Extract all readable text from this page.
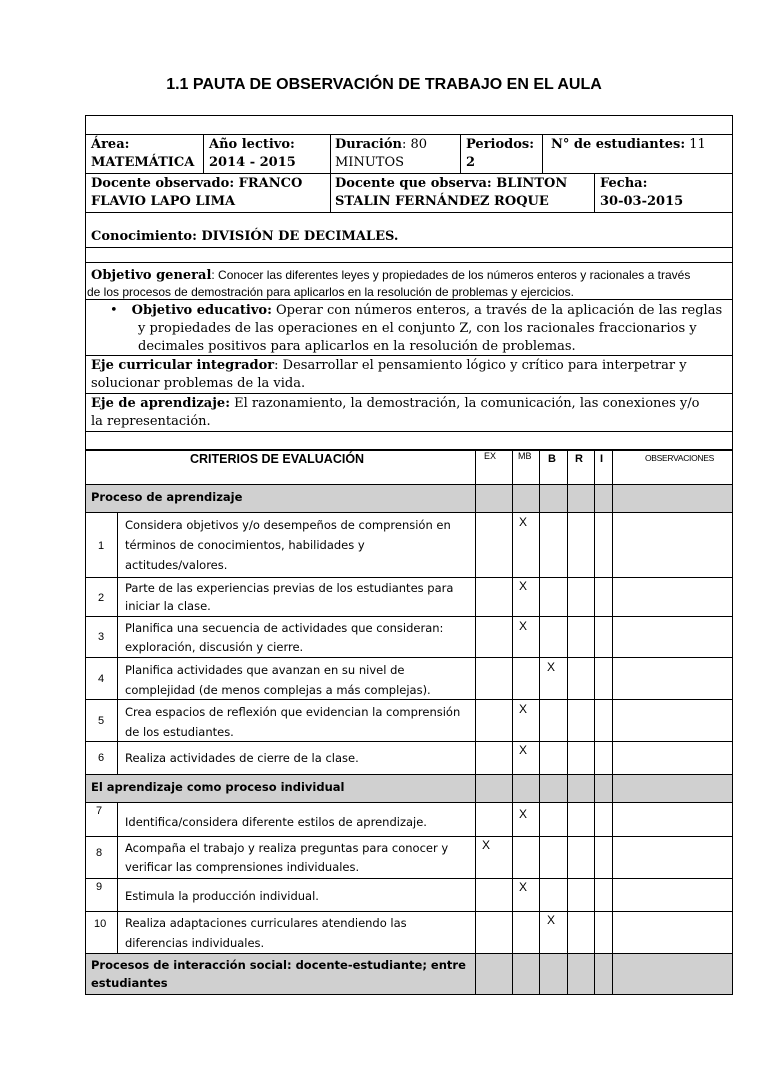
1.1 PAUTA DE OBSERVACIÓN DE TRABAJO EN EL AULA
Área:
MATEMÁTICA
Año lectivo:
2014 - 2015
Duración: 80
MINUTOS
Periodos:
2
N° de estudiantes: 11
Docente observado: FRANCO
FLAVIO LAPO LIMA
Docente que observa: BLINTON
STALIN FERNÁNDEZ ROQUE
Fecha:
30-03-2015
Conocimiento: DIVISIÓN DE DECIMALES.
Objetivo general: Conocer las diferentes leyes y propiedades de los números enteros y racionales a través
de los procesos de demostración para aplicarlos en la resolución de problemas y ejercicios.
• Objetivo educativo: Operar con números enteros, a través de la aplicación de las reglas
y propiedades de las operaciones en el conjunto Z, con los racionales fraccionarios y
decimales positivos para aplicarlos en la resolución de problemas.
Eje curricular integrador: Desarrollar el pensamiento lógico y crítico para interpetrar y
solucionar problemas de la vida.
Eje de aprendizaje: El razonamiento, la demostración, la comunicación, las conexiones y/o
la representación.
CRITERIOS DE EVALUACIÓN	EX MB B R I	OBSERVACIONES
Proceso de aprendizaje
El aprendizaje como proceso individual
Procesos de interacción social: docente-estudiante; entre
estudiantes
1
Considera objetivos y/o desempeños de comprensión en
términos de conocimientos, habilidades y
actitudes/valores.
X
2
Parte de las experiencias previas de los estudiantes para
iniciar la clase.
X
3
Planifica una secuencia de actividades que consideran:
exploración, discusión y cierre.
X
4
Planifica actividades que avanzan en su nivel de
complejidad (de menos complejas a más complejas).
X
5
Crea espacios de reflexión que evidencian la comprensión
de los estudiantes.
X
6 Realiza actividades de cierre de la clase.
X
7
Identifica/considera diferente estilos de aprendizaje.
X
8 Acompaña el trabajo y realiza preguntas para conocer y
verificar las comprensiones individuales.
X
9
Estimula la producción individual.
X
10 Realiza adaptaciones curriculares atendiendo las
diferencias individuales.
X
